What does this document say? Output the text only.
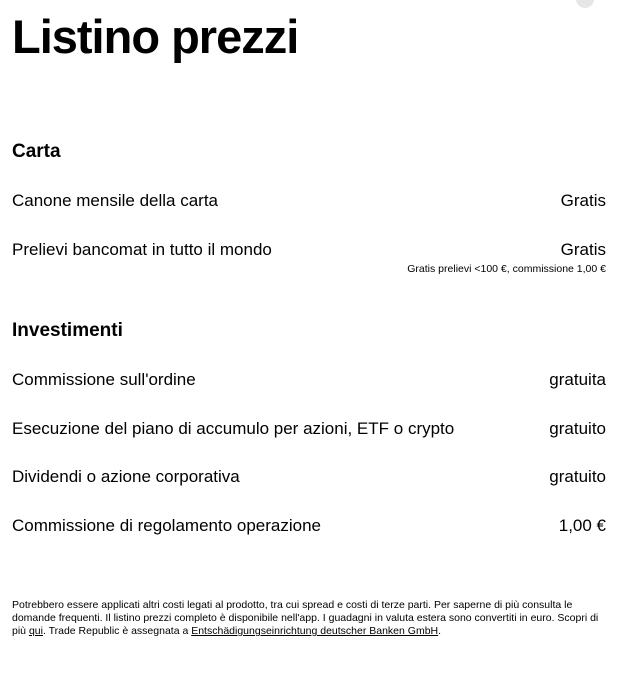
Listino prezzi
Carta
Canone mensile della carta	Gratis
Prelievi bancomat in tutto il mondo	Gratis
Gratis prelievi <100 €, commissione 1,00 €
Investimenti
Commissione sull'ordine	gratuita
Esecuzione del piano di accumulo per azioni, ETF o crypto	gratuito
Dividendi o azione corporativa	gratuito
Commissione di regolamento operazione	1,00 €

Potrebbero essere applicati altri costi legati al prodotto, tra cui spread e costi di terze parti. Per saperne di più consulta le domande frequenti. Il listino prezzi completo è disponibile nell'app. I guadagni in valuta estera sono convertiti in euro. Scopri di più qui. Trade Republic è assegnata a Entschädigungseinrichtung deutscher Banken GmbH.
